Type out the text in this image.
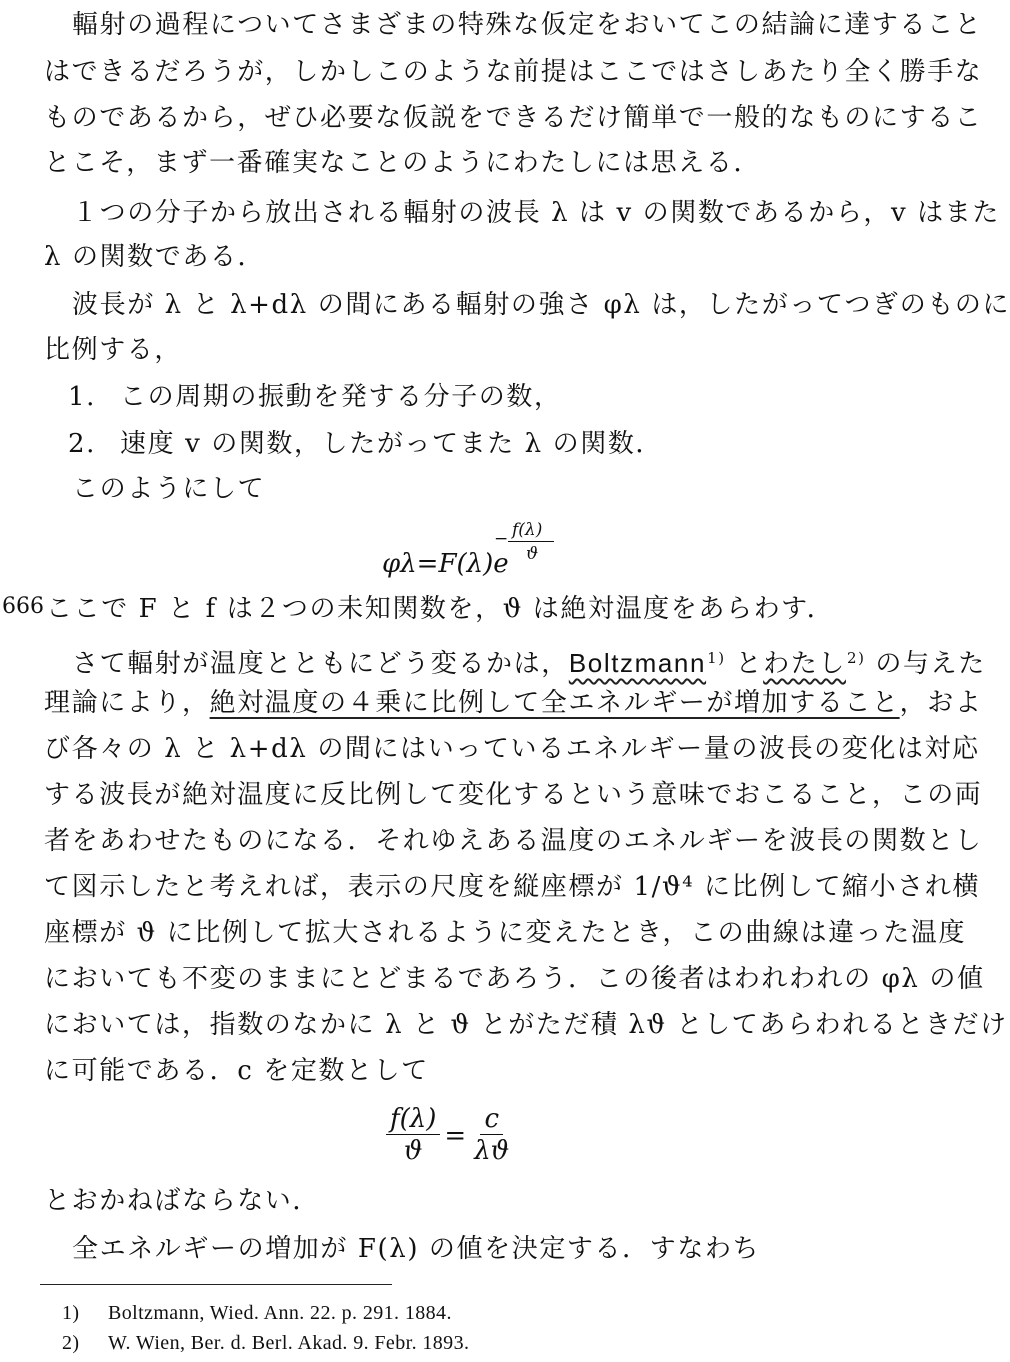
輻射の過程についてさまざまの特殊な仮定をおいてこの結論に達すること
はできるだろうが，しかしこのような前提はここではさしあたり全く勝手な
ものであるから，ぜひ必要な仮説をできるだけ簡単で一般的なものにするこ
とこそ，まず一番確実なことのようにわたしには思える．
１つの分子から放出される輻射の波長 λ は v の関数であるから，v はまた
λ の関数である．
波長が λ と λ+dλ の間にある輻射の強さ φλ は，したがってつぎのものに
比例する，
1. この周期の振動を発する分子の数，
2. 速度 v の関数，したがってまた λ の関数．
このようにして
φλ=F(λ)e
− f(λ)
ϑ
666 ここで F と f は２つの未知関数を，ϑ は絶対温度をあらわす．
さて輻射が温度とともにどう変るかは，Boltzmann$^{1)}$ とわたし$^{2)}$ の与えた
理論により，絶対温度の４乗に比例して全エネルギーが増加すること，およ
び各々の λ と λ+dλ の間にはいっているエネルギー量の波長の変化は対応
する波長が絶対温度に反比例して変化するという意味でおこること，この両
者をあわせたものになる．それゆえある温度のエネルギーを波長の関数とし
て図示したと考えれば，表示の尺度を縦座標が 1/ϑ⁴ に比例して縮小され横
座標が ϑ に比例して拡大されるように変えたとき，この曲線は違った温度
においても不変のままにとどまるであろう．この後者はわれわれの φλ の値
においては，指数のなかに λ と ϑ とがただ積 λϑ としてあらわれるときだけ
に可能である．c を定数として
$\frac{f(\lambda)}{ϑ} = \frac{c}{\lambda ϑ}$
とおかねばならない．
全エネルギーの増加が F(λ) の値を決定する．すなわち
1) Boltzmann, Wied. Ann. 22. p. 291. 1884.
2) W. Wien, Ber. d. Berl. Akad. 9. Febr. 1893.
